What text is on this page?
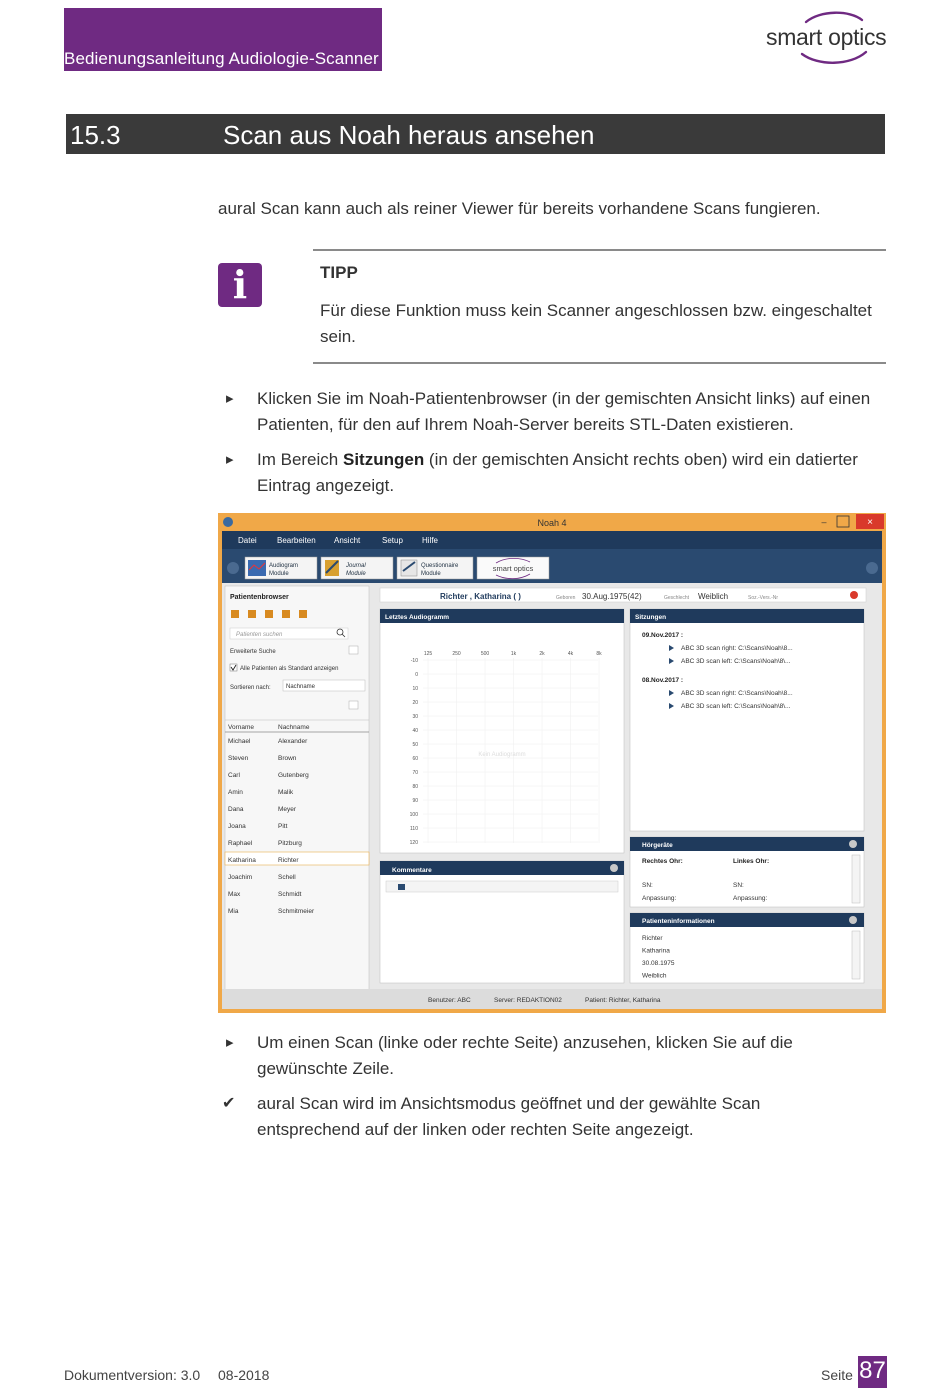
Bedienungsanleitung Audiologie-Scanner
smart optics
15.3	Scan aus Noah heraus ansehen
aural Scan kann auch als reiner Viewer für bereits vorhandene Scans fungieren.
i	TIPP
Für diese Funktion muss kein Scanner angeschlossen bzw. eingeschaltet
sein.
▸ Klicken Sie im Noah-Patientenbrowser (in der gemischten Ansicht links) auf einen
Patienten, für den auf Ihrem Noah-Server bereits STL-Daten existieren.
▸ Im Bereich Sitzungen (in der gemischten Ansicht rechts oben) wird ein datierter
Eintrag angezeigt.
Noah 4	–	×
Datei	Bearbeiten Ansicht	Setup Hilfe
Audiogram
Module
Journal
Module
Questionnaire
Module
smart optics
Patientenbrowser
Patienten suchen
Erweiterte Suche
Alle Patienten als Standard anzeigen
Sortieren nach:	Nachname
Vorname	Nachname
Michael	Alexander
Steven	Brown
Carl	Gutenberg
Amin	Malik
Dana	Meyer
Joana	Pitt
Raphael	Pitzburg
Katharina	Richter
Joachim	Schell
Max	Schmidt
Mia	Schmitmeier
Richter , Katharina ( )	Geboren 30.Aug.1975(42)	Geschlecht Weiblich	Soz.-Vers.-Nr
Letztes Audiogramm
125	250	500	1k	2k	4k	8k
-10
0
10
20
30
40
50
60
70
80
90
100
110
120
Kein Audiogramm
Sitzungen
09.Nov.2017 :
ABC 3D scan right: C:\Scans\Noah\8...
ABC 3D scan left: C:\Scans\Noah\8\...
08.Nov.2017 :
ABC 3D scan right: C:\Scans\Noah\8...
ABC 3D scan left: C:\Scans\Noah\8\...
Hörgeräte
Rechtes Ohr:	Linkes Ohr:
SN:	SN:
Anpassung:	Anpassung:
Patienteninformationen
Richter
Katharina
30.08.1975
Weiblich
Kommentare
Benutzer: ABC	Server: REDAKTION02	Patient: Richter, Katharina
▸ Um einen Scan (linke oder rechte Seite) anzusehen, klicken Sie auf die
gewünschte Zeile.
✔ aural Scan wird im Ansichtsmodus geöffnet und der gewählte Scan
entsprechend auf der linken oder rechten Seite angezeigt.
Dokumentversion: 3.0 08-2018	Seite 87
